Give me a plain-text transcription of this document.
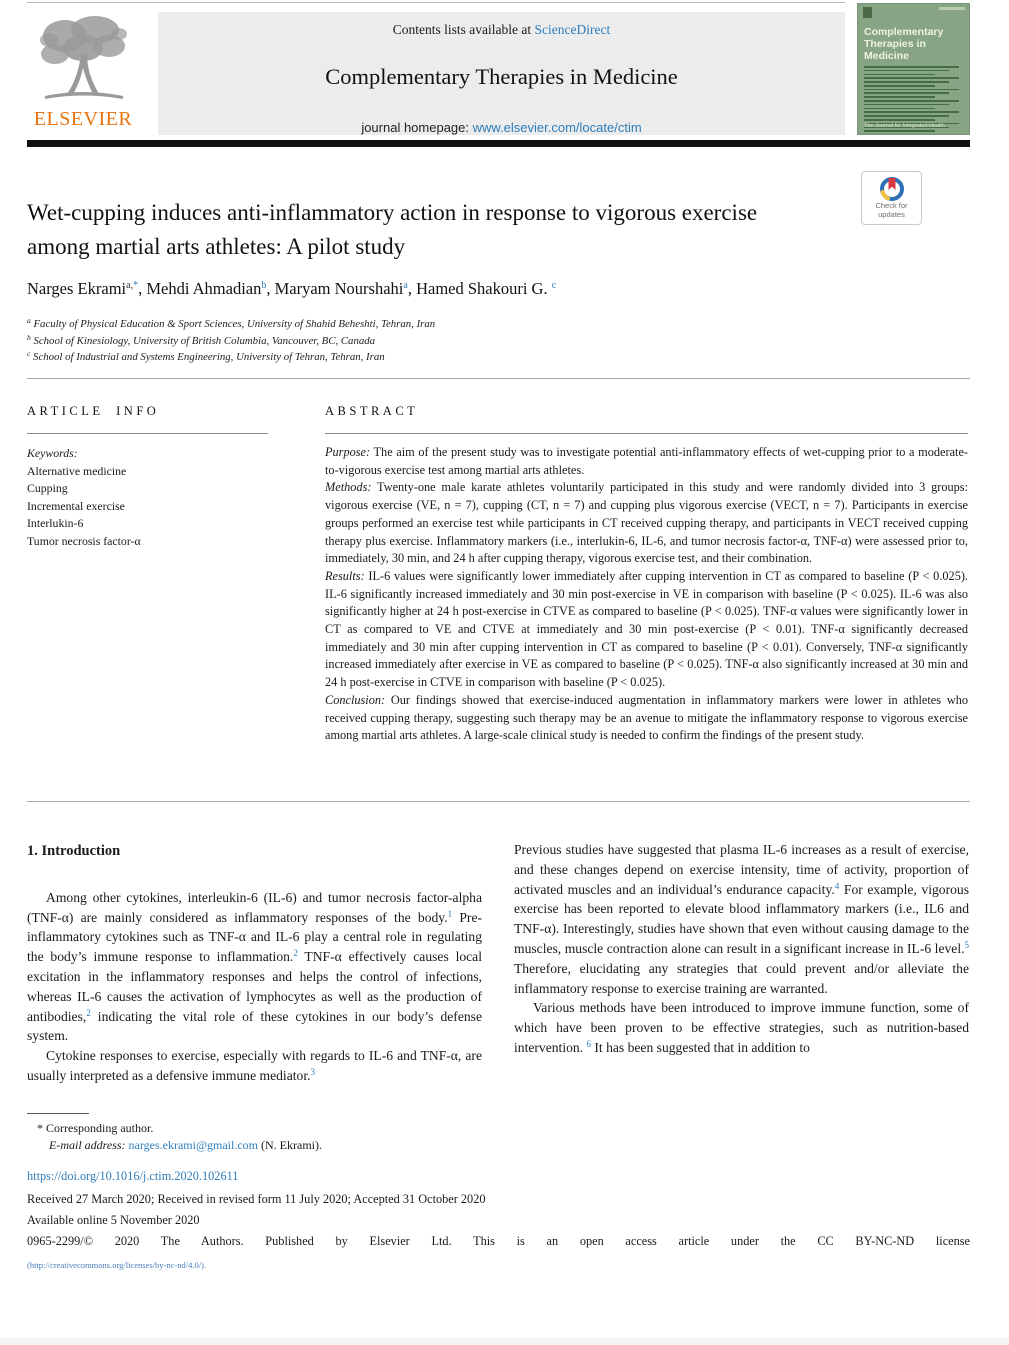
ELSEVIER
Contents lists available at ScienceDirect
Complementary Therapies in Medicine
journal homepage: www.elsevier.com/locate/ctim
Complementary Therapies in Medicine
The Journal for Integrated Health
Check for
updates
Wet-cupping induces anti-inflammatory action in response to vigorous exercise among martial arts athletes: A pilot study
Narges Ekrami$^{a,*}$, Mehdi Ahmadian$^b$, Maryam Nourshahi$^a$, Hamed Shakouri G. $^c$
$^a$ Faculty of Physical Education & Sport Sciences, University of Shahid Beheshti, Tehran, Iran
$^b$ School of Kinesiology, University of British Columbia, Vancouver, BC, Canada
$^c$ School of Industrial and Systems Engineering, University of Tehran, Tehran, Iran
ARTICLE INFO
Keywords:
Alternative medicine
Cupping
Incremental exercise
Interlukin-6
Tumor necrosis factor-α
ABSTRACT

Purpose: The aim of the present study was to investigate potential anti-inflammatory effects of wet-cupping prior to a moderate-to-vigorous exercise test among martial arts athletes.

Methods: Twenty-one male karate athletes voluntarily participated in this study and were randomly divided into 3 groups: vigorous exercise (VE, n = 7), cupping (CT, n = 7) and cupping plus vigorous exercise (VECT, n = 7). Participants in exercise groups performed an exercise test while participants in CT received cupping therapy, and participants in VECT received cupping therapy plus exercise. Inflammatory markers (i.e., interlukin-6, IL-6, and tumor necrosis factor-α, TNF-α) were assessed prior to, immediately, 30 min, and 24 h after cupping therapy, vigorous exercise test, and their combination.

Results: IL-6 values were significantly lower immediately after cupping intervention in CT as compared to baseline (P < 0.025). IL-6 significantly increased immediately and 30 min post-exercise in VE in comparison with baseline (P < 0.025). IL-6 was also significantly higher at 24 h post-exercise in CTVE as compared to baseline (P < 0.025). TNF-α values were significantly lower in CT as compared to VE and CTVE at immediately and 30 min post-exercise (P < 0.01). TNF-α significantly decreased immediately and 30 min after cupping intervention in CT as compared to baseline (P < 0.01). Conversely, TNF-α significantly increased immediately after exercise in VE as compared to baseline (P < 0.025). TNF-α also significantly increased at 30 min and 24 h post-exercise in CTVE in comparison with baseline (P < 0.025).

Conclusion: Our findings showed that exercise-induced augmentation in inflammatory markers were lower in athletes who received cupping therapy, suggesting such therapy may be an avenue to mitigate the inflammatory response to vigorous exercise among martial arts athletes. A large-scale clinical study is needed to confirm the findings of the present study.

1. Introduction

Among other cytokines, interleukin-6 (IL-6) and tumor necrosis factor-alpha (TNF-α) are mainly considered as inflammatory responses of the body.$^1$ Pre-inflammatory cytokines such as TNF-α and IL-6 play a central role in regulating the body’s immune response to inflammation.$^2$ TNF-α effectively causes local excitation in the inflammatory responses and helps the control of infections, whereas IL-6 causes the activation of lymphocytes as well as the production of antibodies,$^2$ indicating the vital role of these cytokines in our body’s defense system.

Cytokine responses to exercise, especially with regards to IL-6 and TNF-α, are usually interpreted as a defensive immune mediator.$^3$

Previous studies have suggested that plasma IL-6 increases as a result of exercise, and these changes depend on exercise intensity, time of activity, proportion of activated muscles and an individual’s endurance capacity.$^4$ For example, vigorous exercise has been reported to elevate blood inflammatory markers (i.e., IL6 and TNF-α). Interestingly, studies have shown that even without causing damage to the muscles, muscle contraction alone can result in a significant increase in IL-6 level.$^5$ Therefore, elucidating any strategies that could prevent and/or alleviate the inflammatory response to exercise training are warranted.

Various methods have been introduced to improve immune function, some of which have been proven to be effective strategies, such as nutrition-based intervention. $^6$ It has been suggested that in addition to

* Corresponding author.
E-mail address: narges.ekrami@gmail.com (N. Ekrami).
https://doi.org/10.1016/j.ctim.2020.102611
Received 27 March 2020; Received in revised form 11 July 2020; Accepted 31 October 2020
Available online 5 November 2020
0965-2299/© 2020 The Authors. Published by Elsevier Ltd. This is an open access article under the CC BY-NC-ND license
(http://creativecommons.org/licenses/by-nc-nd/4.0/).
